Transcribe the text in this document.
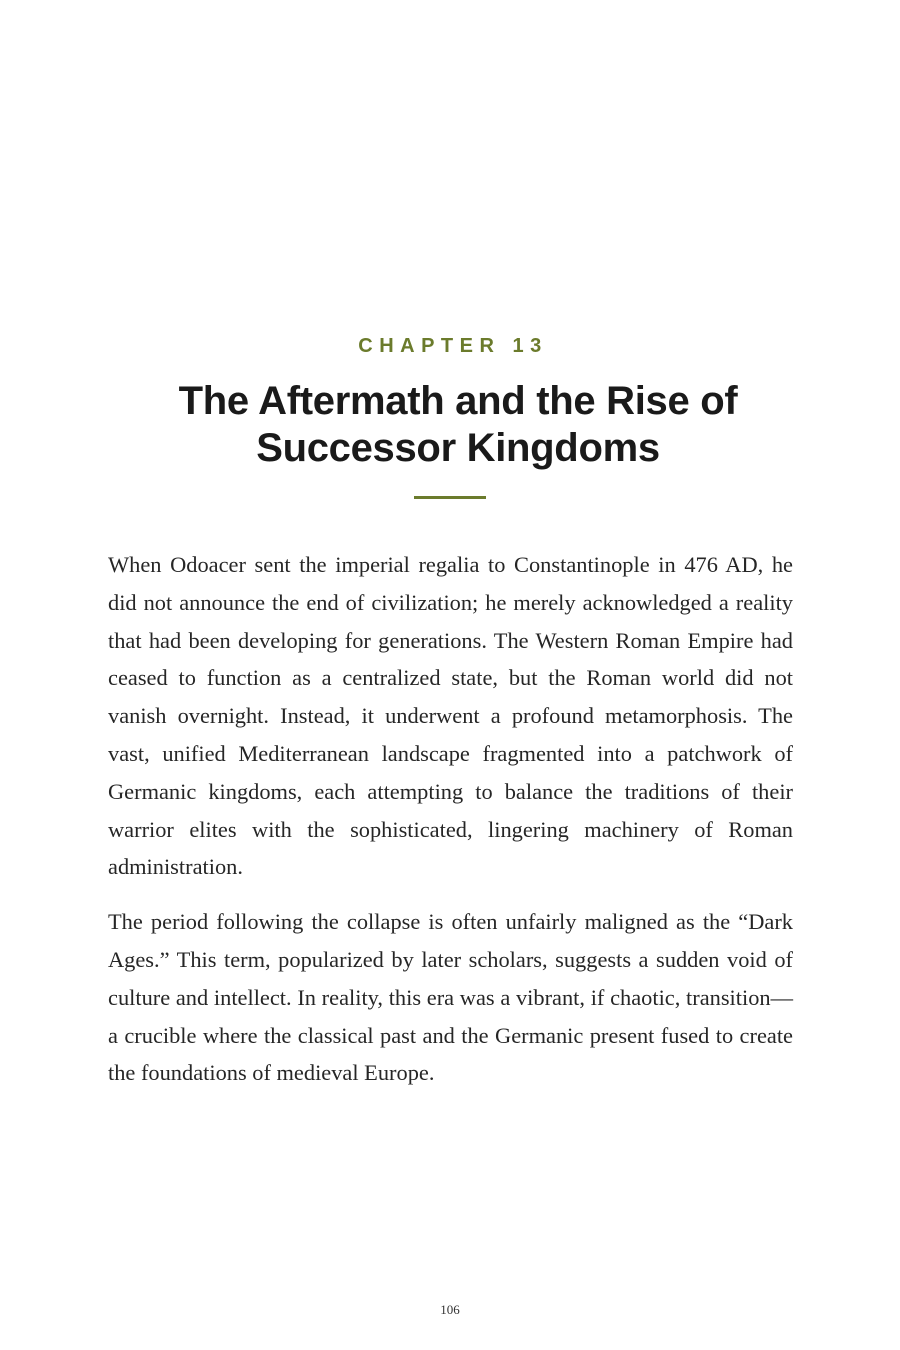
CHAPTER 13
The Aftermath and the Rise of
Successor Kingdoms

When Odoacer sent the imperial regalia to Constantinople in 476 AD, he did not announce the end of civilization; he merely acknowledged a reality that had been developing for generations. The Western Roman Empire had ceased to function as a centralized state, but the Roman world did not vanish overnight. Instead, it underwent a profound metamorphosis. The vast, unified Mediterranean landscape fragmented into a patchwork of Germanic kingdoms, each attempting to balance the traditions of their warrior elites with the sophisticated, lingering machinery of Roman administration.

The period following the collapse is often unfairly maligned as the “Dark Ages.” This term, popularized by later scholars, suggests a sudden void of culture and intellect. In reality, this era was a vibrant, if chaotic, transition—a crucible where the classical past and the Germanic present fused to create the foundations of medieval Europe.

106
